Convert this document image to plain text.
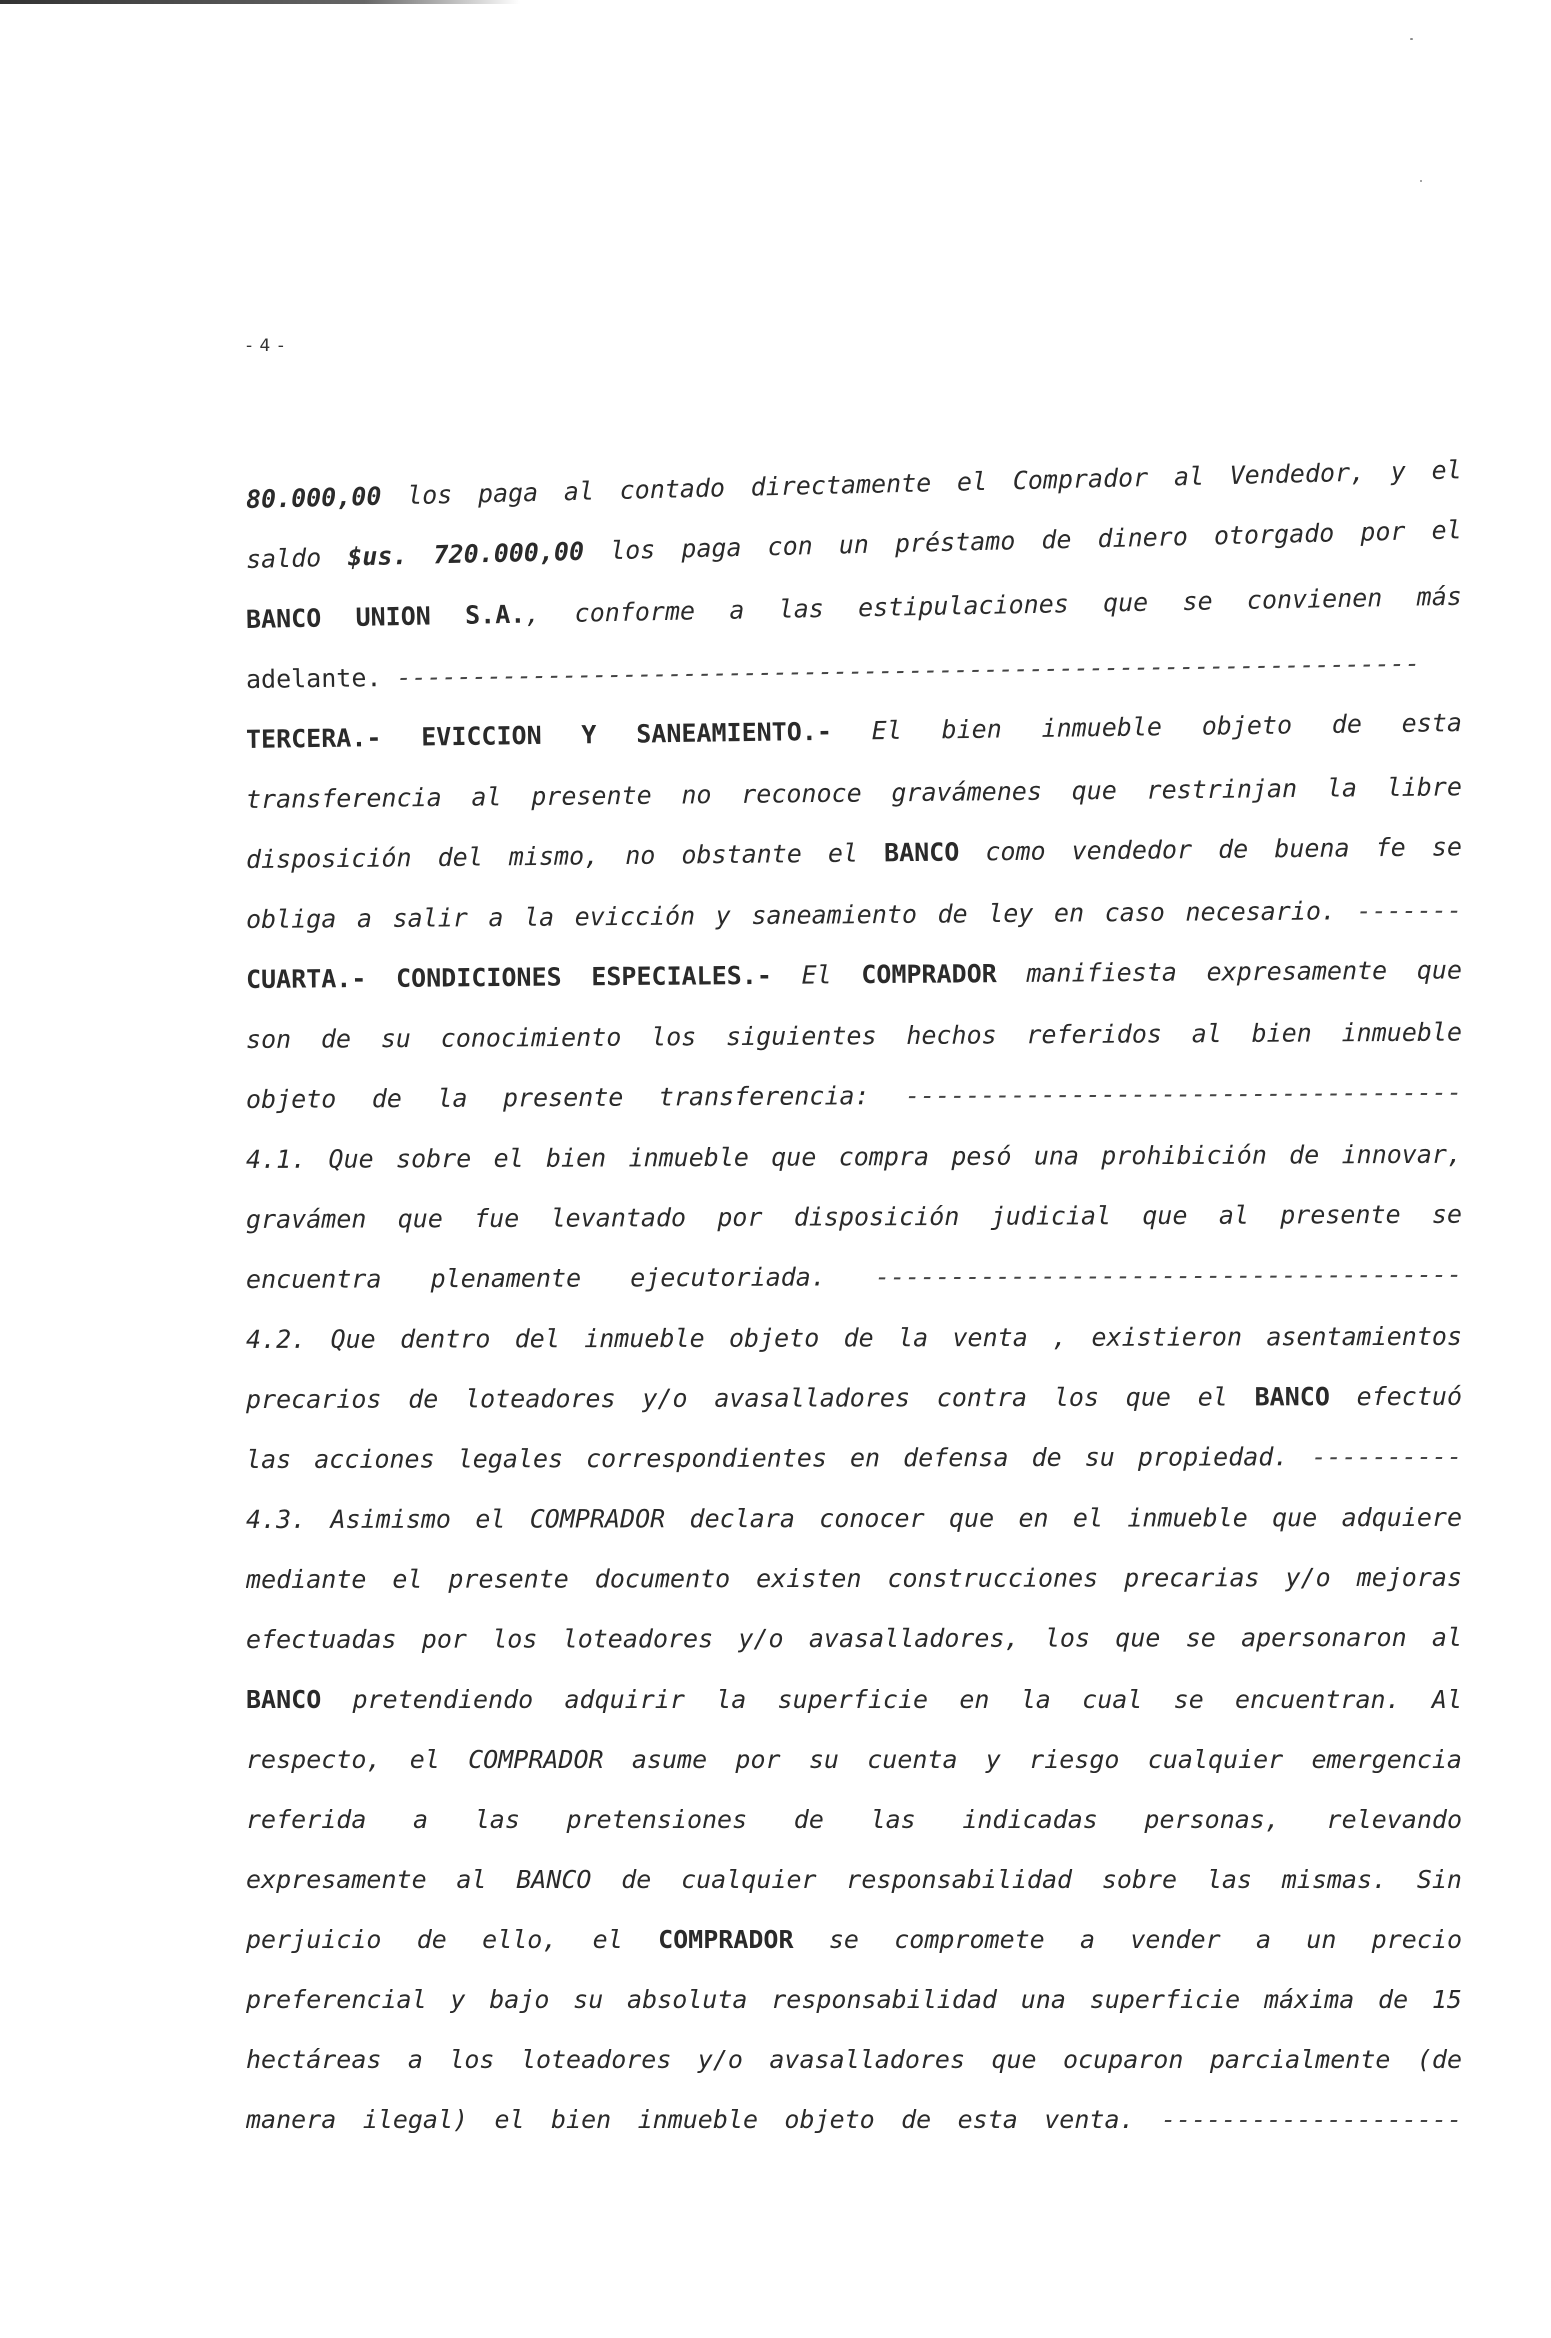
- 4 -
80.000,00 los paga al contado directamente el Comprador al Vendedor, y el
saldo $us. 720.000,00 los paga con un préstamo de dinero otorgado por el
BANCO UNION S.A., conforme a las estipulaciones que se convienen más
adelante. --------------------------------------------------------------------
TERCERA.- EVICCION Y SANEAMIENTO.- El bien inmueble objeto de esta
transferencia al presente no reconoce gravámenes que restrinjan la libre
disposición del mismo, no obstante el BANCO como vendedor de buena fe se
obliga a salir a la evicción y saneamiento de ley en caso necesario. -------
CUARTA.- CONDICIONES ESPECIALES.- El COMPRADOR manifiesta expresamente que
son de su conocimiento los siguientes hechos referidos al bien inmueble
objeto de la presente transferencia: -------------------------------------
4.1. Que sobre el bien inmueble que compra pesó una prohibición de innovar,
gravámen que fue levantado por disposición judicial que al presente se
encuentra plenamente ejecutoriada. ---------------------------------------
4.2. Que dentro del inmueble objeto de la venta , existieron asentamientos
precarios de loteadores y/o avasalladores contra los que el BANCO efectuó
las acciones legales correspondientes en defensa de su propiedad. ----------
4.3. Asimismo el COMPRADOR declara conocer que en el inmueble que adquiere
mediante el presente documento existen construcciones precarias y/o mejoras
efectuadas por los loteadores y/o avasalladores, los que se apersonaron al
BANCO pretendiendo adquirir la superficie en la cual se encuentran. Al
respecto, el COMPRADOR asume por su cuenta y riesgo cualquier emergencia
referida a las pretensiones de las indicadas personas, relevando
expresamente al BANCO de cualquier responsabilidad sobre las mismas. Sin
perjuicio de ello, el COMPRADOR se compromete a vender a un precio
preferencial y bajo su absoluta responsabilidad una superficie máxima de 15
hectáreas a los loteadores y/o avasalladores que ocuparon parcialmente (de
manera ilegal) el bien inmueble objeto de esta venta. --------------------
